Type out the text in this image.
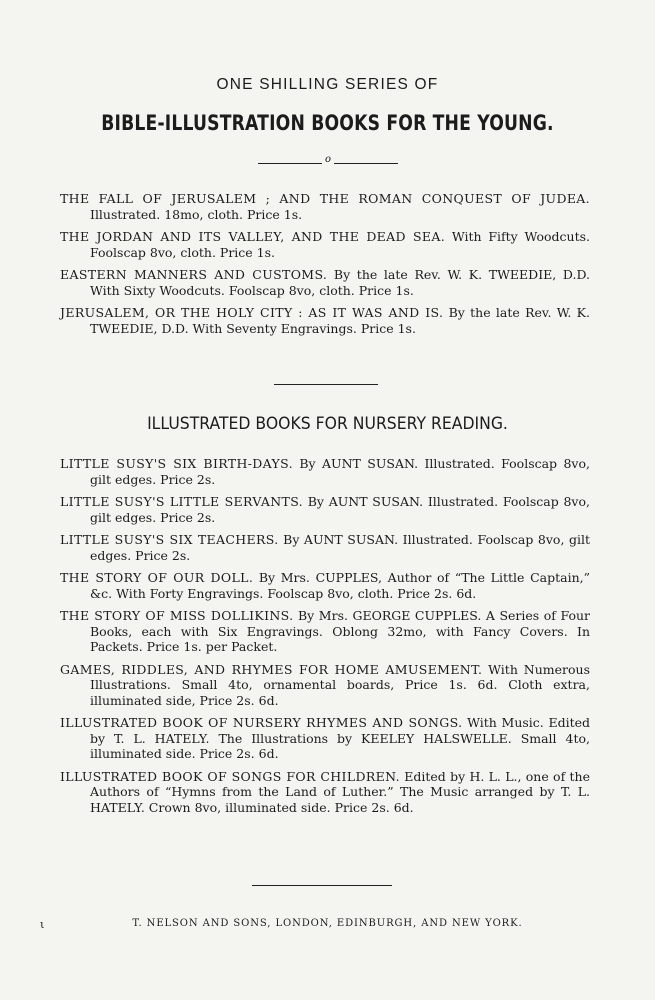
ONE SHILLING SERIES OF
BIBLE-ILLUSTRATION BOOKS FOR THE YOUNG.
o

THE FALL OF JERUSALEM ; AND THE ROMAN CONQUEST OF JUDEA. Illustrated. 18mo, cloth. Price 1s.

THE JORDAN AND ITS VALLEY, AND THE DEAD SEA. With Fifty Woodcuts. Foolscap 8vo, cloth. Price 1s.

EASTERN MANNERS AND CUSTOMS. By the late Rev. W. K. TWEEDIE, D.D. With Sixty Woodcuts. Foolscap 8vo, cloth. Price 1s.

JERUSALEM, OR THE HOLY CITY : AS IT WAS AND IS. By the late Rev. W. K. TWEEDIE, D.D. With Seventy Engravings. Price 1s.

ILLUSTRATED BOOKS FOR NURSERY READING.

LITTLE SUSY'S SIX BIRTH-DAYS. By AUNT SUSAN. Illustrated. Foolscap 8vo, gilt edges. Price 2s.

LITTLE SUSY'S LITTLE SERVANTS. By AUNT SUSAN. Illustrated. Foolscap 8vo, gilt edges. Price 2s.

LITTLE SUSY'S SIX TEACHERS. By AUNT SUSAN. Illustrated. Foolscap 8vo, gilt edges. Price 2s.

THE STORY OF OUR DOLL. By Mrs. CUPPLES, Author of “The Little Captain,” &c. With Forty Engravings. Foolscap 8vo, cloth. Price 2s. 6d.

THE STORY OF MISS DOLLIKINS. By Mrs. GEORGE CUPPLES. A Series of Four Books, each with Six Engravings. Oblong 32mo, with Fancy Covers. In Packets. Price 1s. per Packet.

GAMES, RIDDLES, AND RHYMES FOR HOME AMUSEMENT. With Numerous Illustrations. Small 4to, ornamental boards, Price 1s. 6d. Cloth extra, illuminated side, Price 2s. 6d.

ILLUSTRATED BOOK OF NURSERY RHYMES AND SONGS. With Music. Edited by T. L. HATELY. The Illustrations by KEELEY HALSWELLE. Small 4to, illuminated side. Price 2s. 6d.

ILLUSTRATED BOOK OF SONGS FOR CHILDREN. Edited by H. L. L., one of the Authors of “Hymns from the Land of Luther.” The Music arranged by T. L. HATELY. Crown 8vo, illuminated side. Price 2s. 6d.

ι	T. NELSON AND SONS, LONDON, EDINBURGH, AND NEW YORK.
